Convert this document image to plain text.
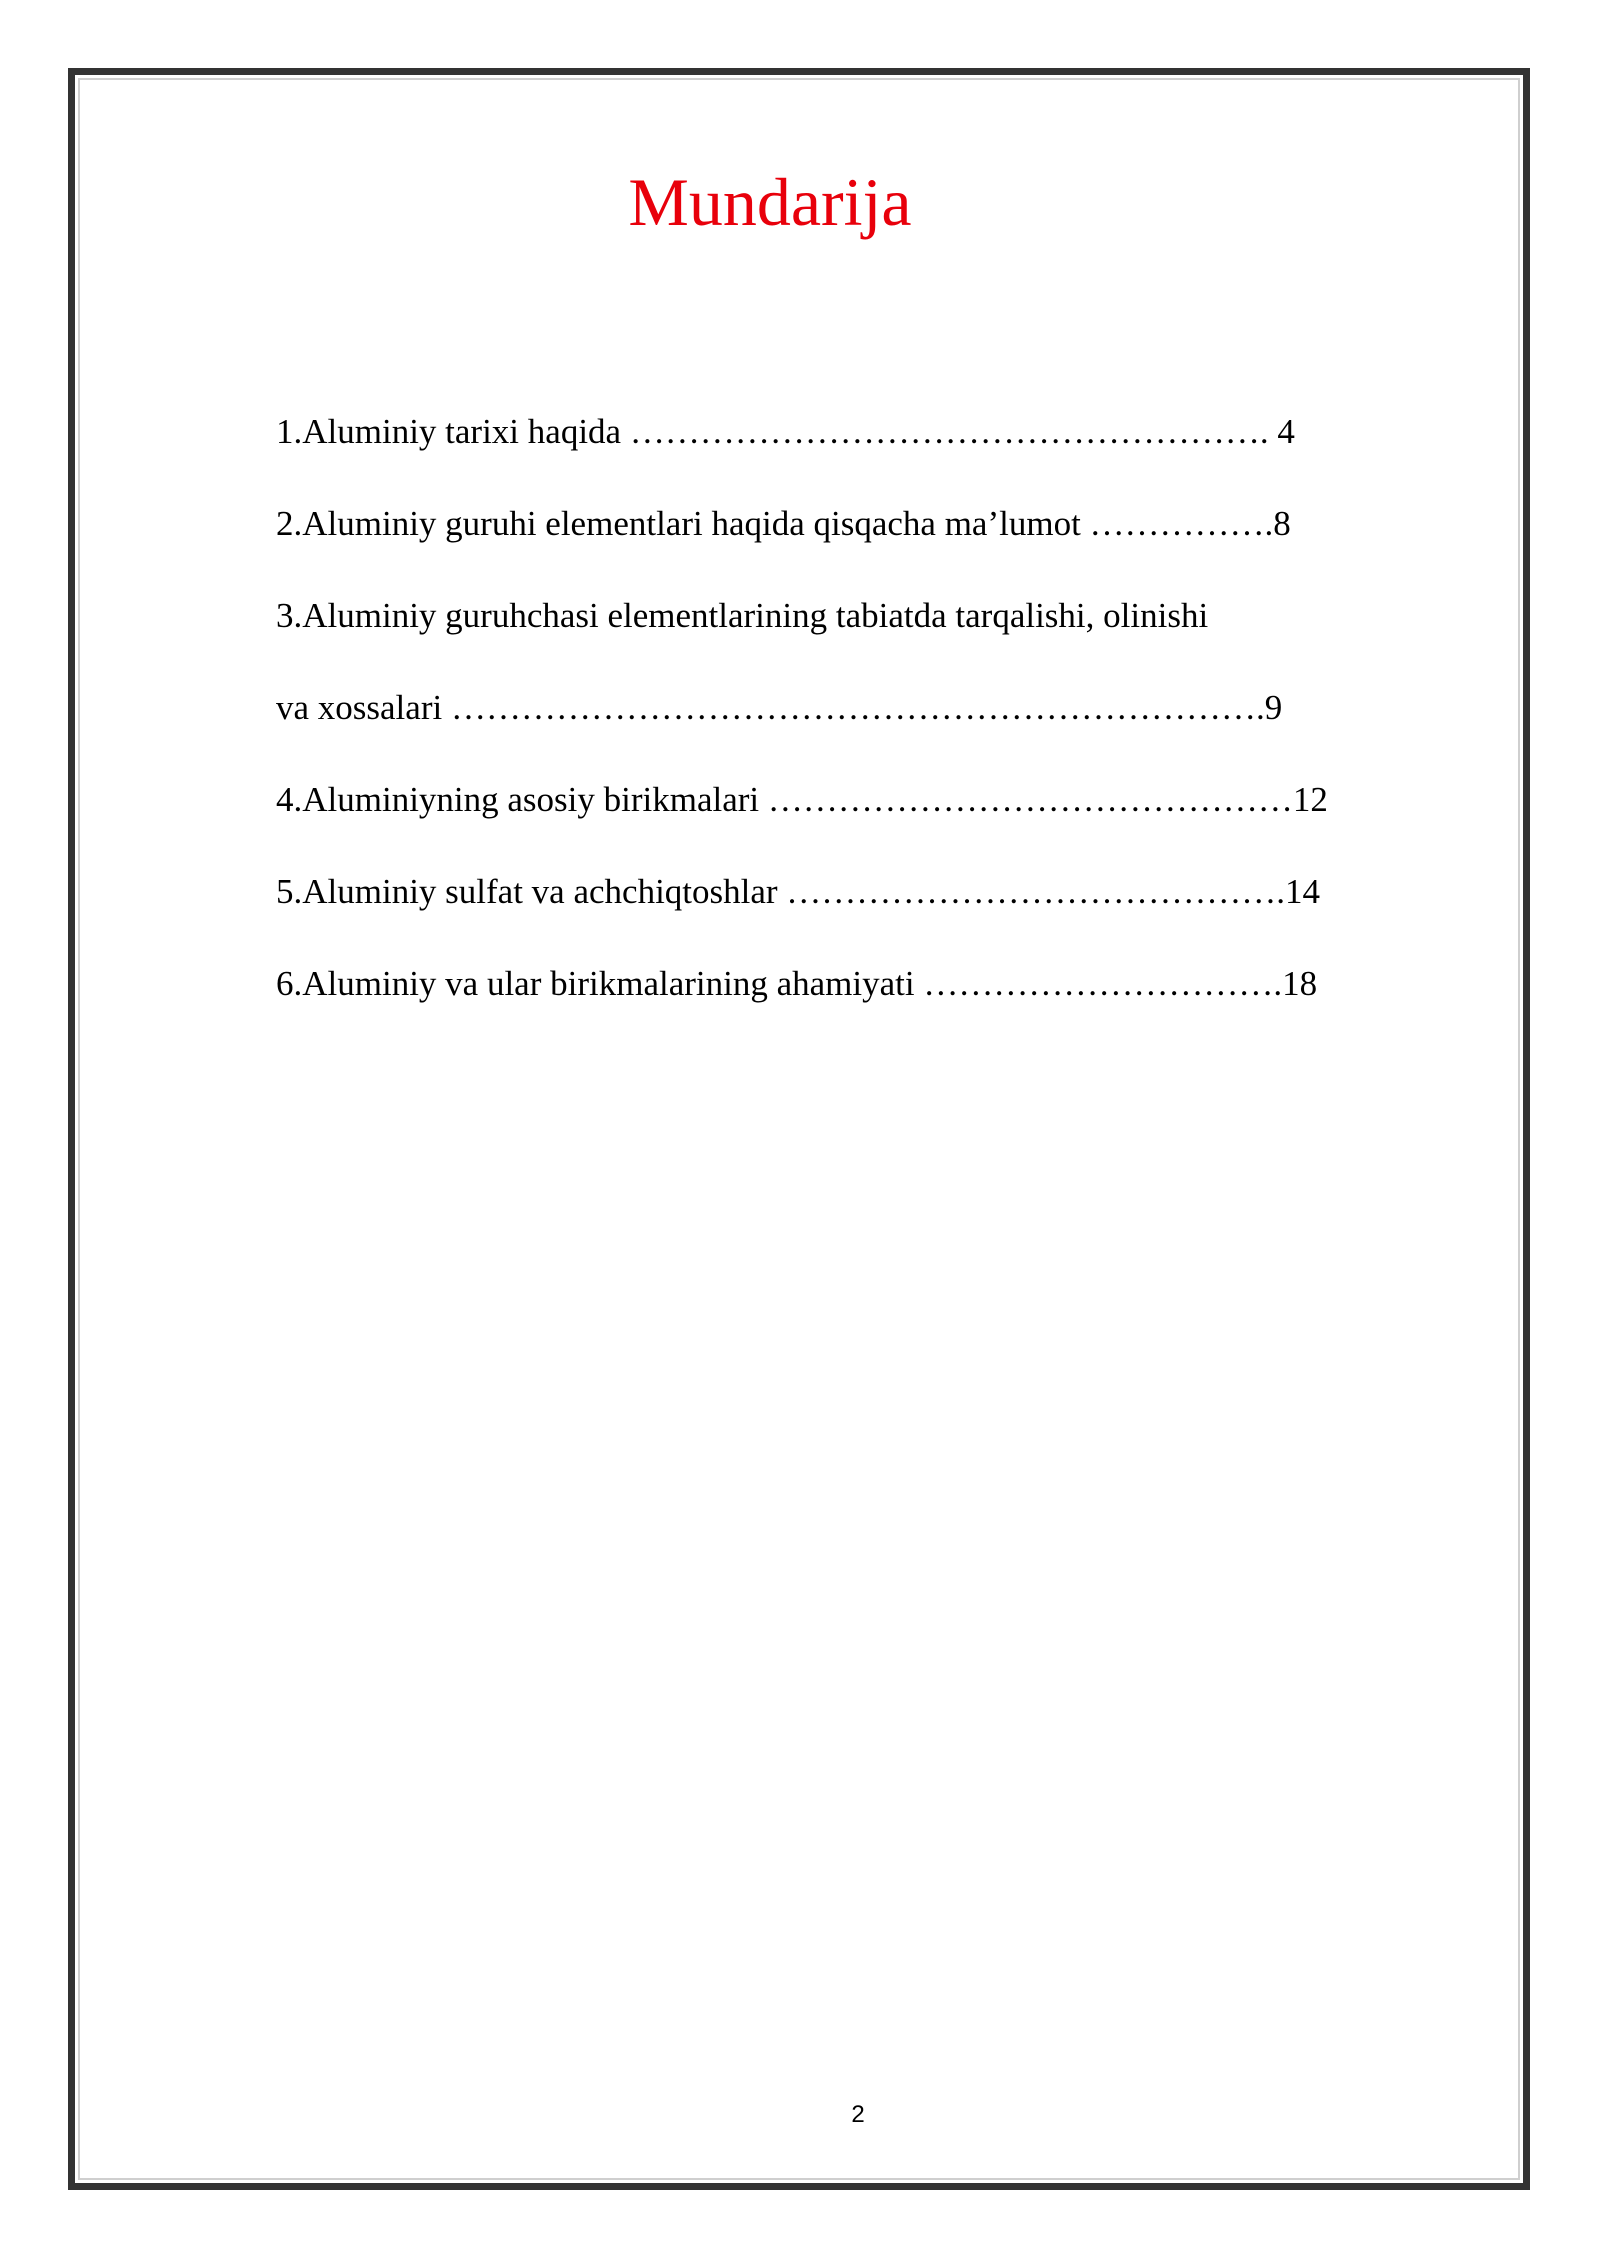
Mundarija
1.Aluminiy tarixi haqida ………………………………………………. 4
2.Aluminiy guruhi elementlari haqida qisqacha ma’lumot …………….8
3.Aluminiy guruhchasi elementlarining tabiatda tarqalishi, olinishi
va xossalari …………………………………………………………….9
4.Aluminiyning asosiy birikmalari ………………………………………12
5.Aluminiy sulfat va achchiqtoshlar …………………………………….14
6.Aluminiy va ular birikmalarining ahamiyati ………………………….18
2
